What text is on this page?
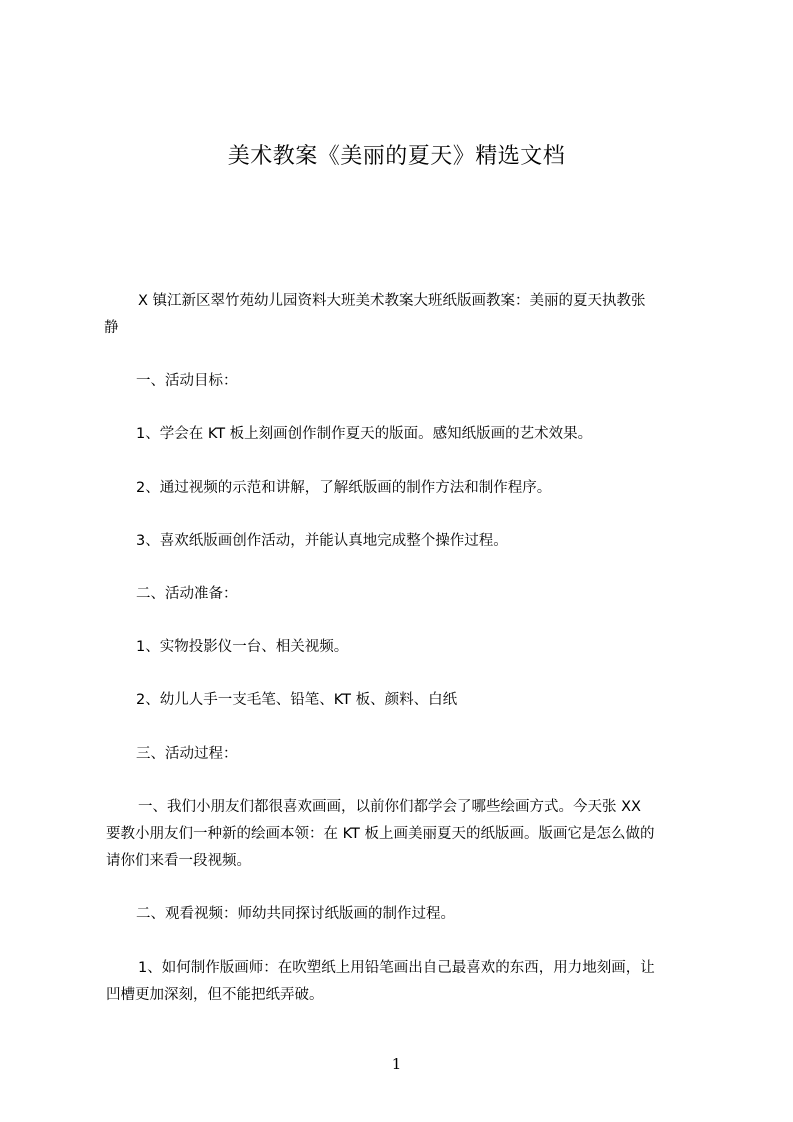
美术教案《美丽的夏天》精选文档
X 镇江新区翠竹苑幼儿园资料大班美术教案大班纸版画教案：美丽的夏天执教张
静
一、活动目标：
1、学会在 KT 板上刻画创作制作夏天的版面。感知纸版画的艺术效果。
2、通过视频的示范和讲解，了解纸版画的制作方法和制作程序。
3、喜欢纸版画创作活动，并能认真地完成整个操作过程。
二、活动准备：
1、实物投影仪一台、相关视频。
2、幼儿人手一支毛笔、铅笔、KT 板、颜料、白纸
三、活动过程：
一、我们小朋友们都很喜欢画画，以前你们都学会了哪些绘画方式。今天张 XX
要教小朋友们一种新的绘画本领：在 KT 板上画美丽夏天的纸版画。版画它是怎么做的
请你们来看一段视频。
二、观看视频：师幼共同探讨纸版画的制作过程。
1、如何制作版画师：在吹塑纸上用铅笔画出自己最喜欢的东西，用力地刻画，让
凹槽更加深刻，但不能把纸弄破。
1
